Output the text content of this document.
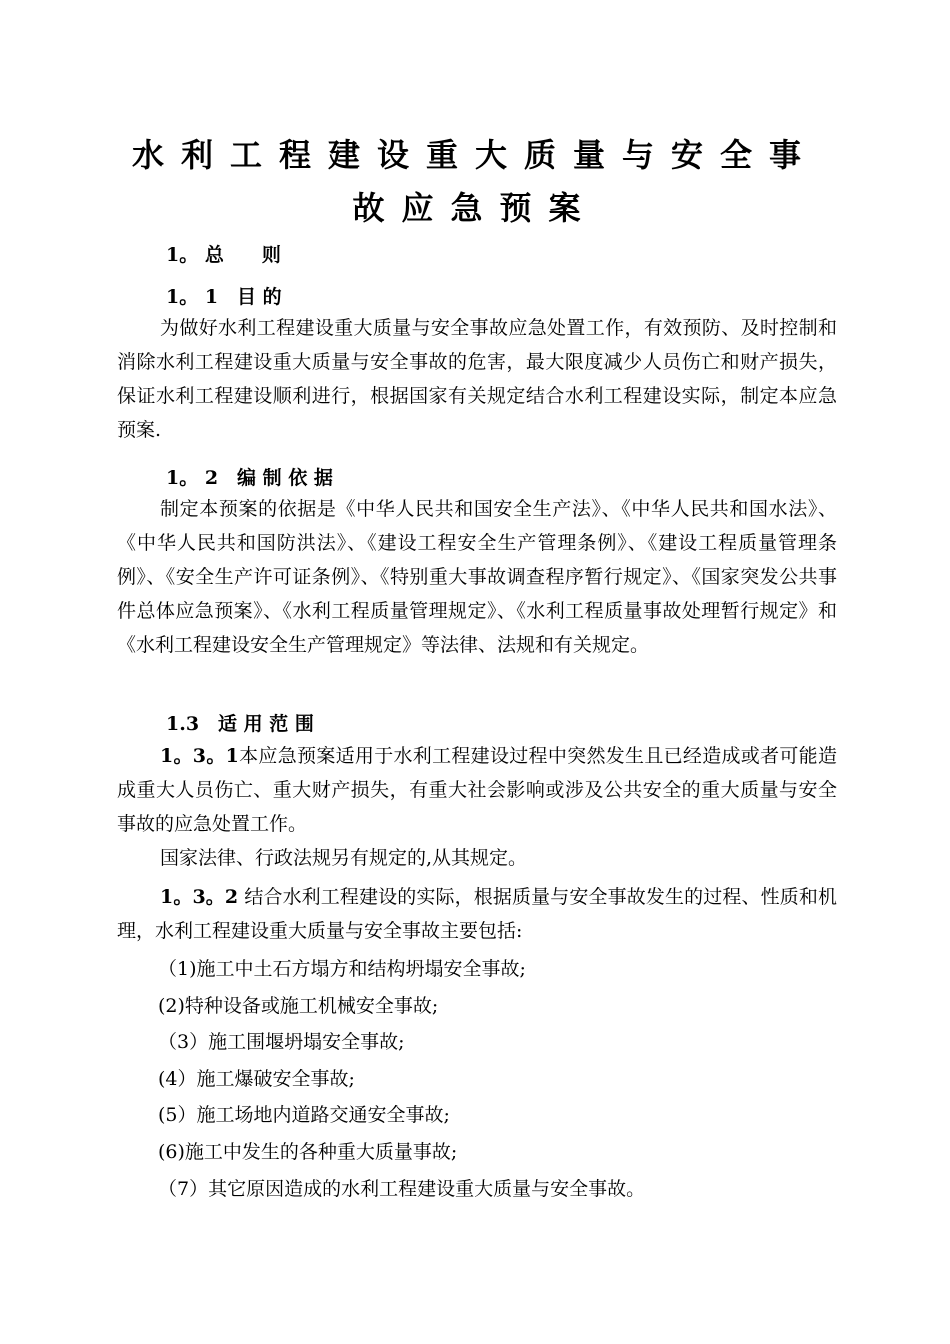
水利工程建设重大质量与安全事
故应急预案
1。 总　　则
1。 1　目 的
为做好水利工程建设重大质量与安全事故应急处置工作，有效预防、及时控制和消除水利工程建设重大质量与安全事故的危害，最大限度减少人员伤亡和财产损失，保证水利工程建设顺利进行，根据国家有关规定结合水利工程建设实际，制定本应急预案.
1。 2　编 制 依 据
制定本预案的依据是《中华人民共和国安全生产法》、《中华人民共和国水法》、《中华人民共和国防洪法》、《建设工程安全生产管理条例》、《建设工程质量管理条例》、《安全生产许可证条例》、《特别重大事故调查程序暂行规定》、《国家突发公共事件总体应急预案》、《水利工程质量管理规定》、《水利工程质量事故处理暂行规定》和《水利工程建设安全生产管理规定》等法律、法规和有关规定。
1.3　适 用 范 围
1。3。1本应急预案适用于水利工程建设过程中突然发生且已经造成或者可能造成重大人员伤亡、重大财产损失，有重大社会影响或涉及公共安全的重大质量与安全事故的应急处置工作。
国家法律、行政法规另有规定的,从其规定。
1。3。2 结合水利工程建设的实际，根据质量与安全事故发生的过程、性质和机理，水利工程建设重大质量与安全事故主要包括:
（1)施工中土石方塌方和结构坍塌安全事故;
(2)特种设备或施工机械安全事故;
（3）施工围堰坍塌安全事故;
(4）施工爆破安全事故;
(5）施工场地内道路交通安全事故;
(6)施工中发生的各种重大质量事故;
（7）其它原因造成的水利工程建设重大质量与安全事故。
